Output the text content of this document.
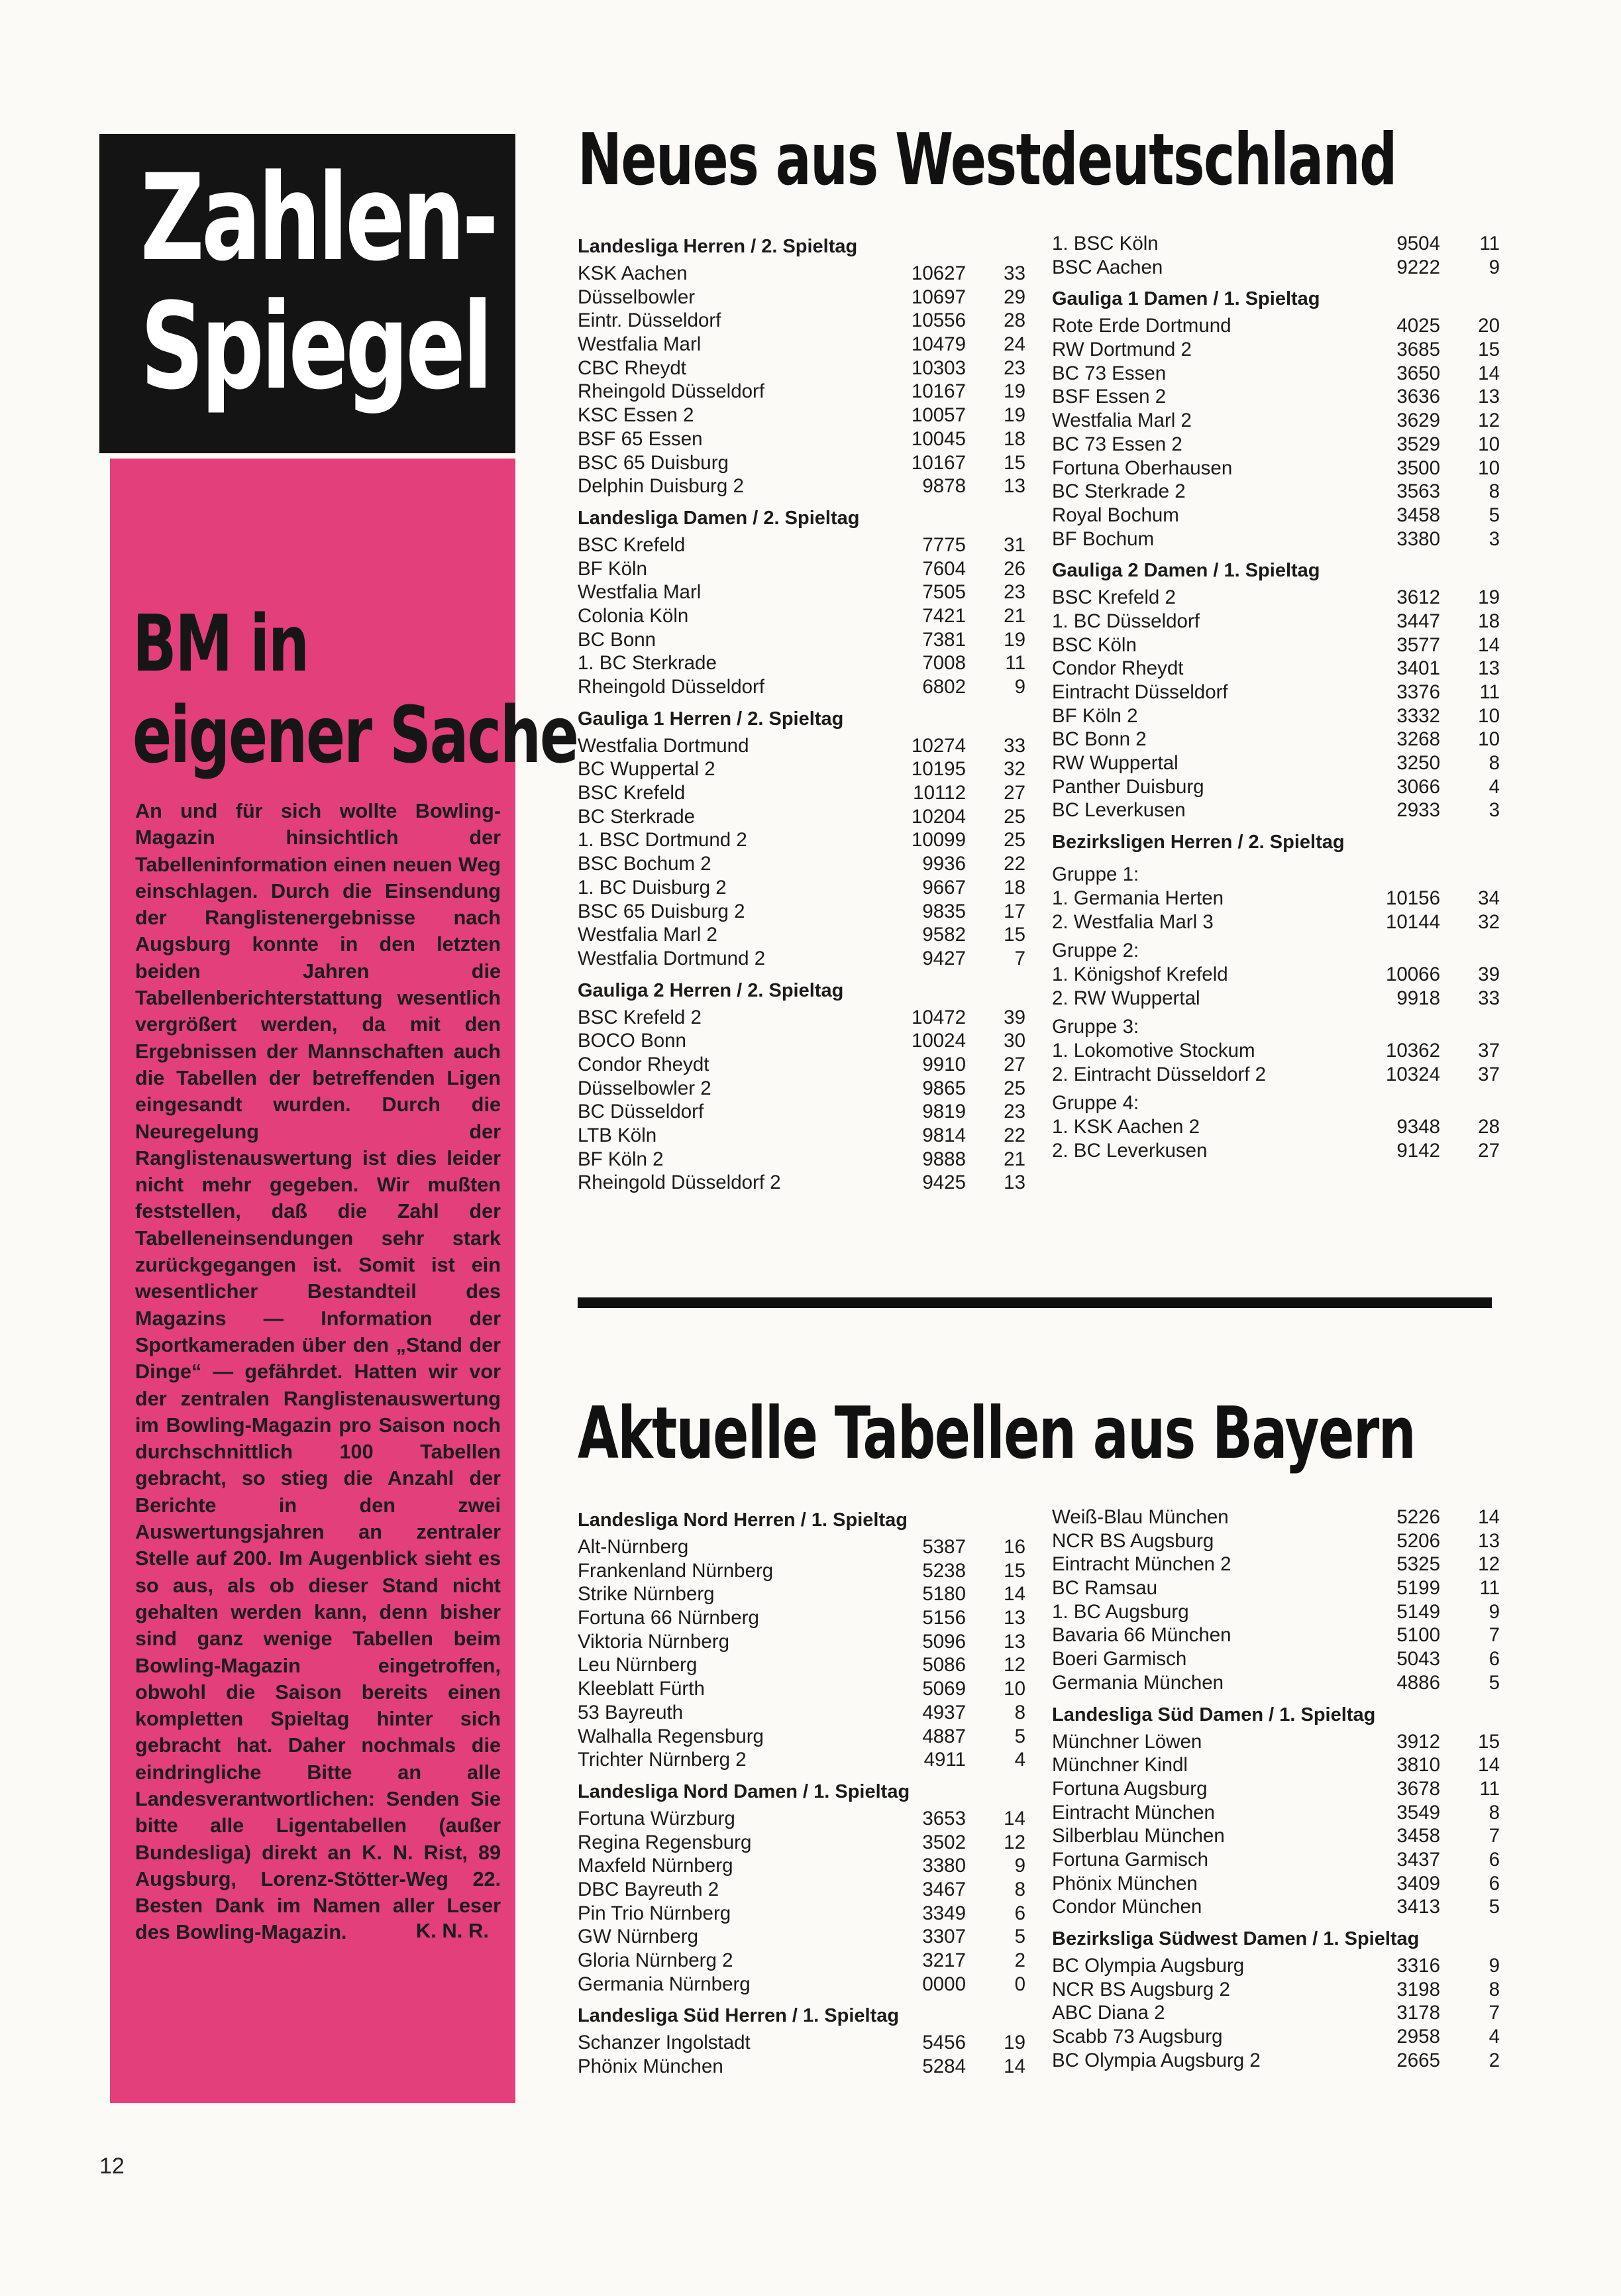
Zahlen-
Spiegel
BM in
eigener Sache
An und für sich wollte Bowling-Magazin hinsichtlich der Tabelleninformation einen neuen Weg einschlagen. Durch die Einsendung der Ranglistenergebnisse nach Augsburg konnte in den letzten beiden Jahren die Tabellenberichterstattung wesentlich vergrößert werden, da mit den Ergebnissen der Mannschaften auch die Tabellen der betreffenden Ligen eingesandt wurden. Durch die Neuregelung der Ranglistenauswertung ist dies leider nicht mehr gegeben. Wir mußten feststellen, daß die Zahl der Tabelleneinsendungen sehr stark zurückgegangen ist. Somit ist ein wesentlicher Bestandteil des Magazins — Information der Sportkameraden über den „Stand der Dinge“ — gefährdet. Hatten wir vor der zentralen Ranglistenauswertung im Bowling-Magazin pro Saison noch durchschnittlich 100 Tabellen gebracht, so stieg die Anzahl der Berichte in den zwei Auswertungsjahren an zentraler Stelle auf 200. Im Augenblick sieht es so aus, als ob dieser Stand nicht gehalten werden kann, denn bisher sind ganz wenige Tabellen beim Bowling-Magazin eingetroffen, obwohl die Saison bereits einen kompletten Spieltag hinter sich gebracht hat. Daher nochmals die eindringliche Bitte an alle Landesverantwortlichen: Senden Sie bitte alle Ligentabellen (außer Bundesliga) direkt an K. N. Rist, 89 Augsburg, Lorenz-Stötter-Weg 22. Besten Dank im Namen aller Leser des Bowling-Magazin.	K. N. R.
Neues aus Westdeutschland
Landesliga Herren / 2. Spieltag
KSK Aachen	10627 33
Düsselbowler	10697 29
Eintr. Düsseldorf	10556 28
Westfalia Marl	10479 24
CBC Rheydt	10303 23
Rheingold Düsseldorf	10167 19
KSC Essen 2	10057 19
BSF 65 Essen	10045 18
BSC 65 Duisburg	10167 15
Delphin Duisburg 2	9878 13
Landesliga Damen / 2. Spieltag
BSC Krefeld	7775 31
BF Köln	7604 26
Westfalia Marl	7505 23
Colonia Köln	7421 21
BC Bonn	7381 19
1. BC Sterkrade	7008 11
Rheingold Düsseldorf	6802 9
Gauliga 1 Herren / 2. Spieltag
Westfalia Dortmund	10274 33
BC Wuppertal 2	10195 32
BSC Krefeld	10112 27
BC Sterkrade	10204 25
1. BSC Dortmund 2	10099 25
BSC Bochum 2	9936 22
1. BC Duisburg 2	9667 18
BSC 65 Duisburg 2	9835 17
Westfalia Marl 2	9582 15
Westfalia Dortmund 2	9427 7
Gauliga 2 Herren / 2. Spieltag
BSC Krefeld 2	10472 39
BOCO Bonn	10024 30
Condor Rheydt	9910 27
Düsselbowler 2	9865 25
BC Düsseldorf	9819 23
LTB Köln	9814 22
BF Köln 2	9888 21
Rheingold Düsseldorf 2	9425 13
1. BSC Köln	9504 11
BSC Aachen	9222 9
Gauliga 1 Damen / 1. Spieltag
Rote Erde Dortmund	4025 20
RW Dortmund 2	3685 15
BC 73 Essen	3650 14
BSF Essen 2	3636 13
Westfalia Marl 2	3629 12
BC 73 Essen 2	3529 10
Fortuna Oberhausen	3500 10
BC Sterkrade 2	3563 8
Royal Bochum	3458 5
BF Bochum	3380 3
Gauliga 2 Damen / 1. Spieltag
BSC Krefeld 2	3612 19
1. BC Düsseldorf	3447 18
BSC Köln	3577 14
Condor Rheydt	3401 13
Eintracht Düsseldorf	3376 11
BF Köln 2	3332 10
BC Bonn 2	3268 10
RW Wuppertal	3250 8
Panther Duisburg	3066 4
BC Leverkusen	2933 3
Bezirksligen Herren / 2. Spieltag
Gruppe 1:
1. Germania Herten	10156 34
2. Westfalia Marl 3	10144 32
Gruppe 2:
1. Königshof Krefeld	10066 39
2. RW Wuppertal	9918 33
Gruppe 3:
1. Lokomotive Stockum	10362 37
2. Eintracht Düsseldorf 2	10324 37
Gruppe 4:
1. KSK Aachen 2	9348 28
2. BC Leverkusen	9142 27
Aktuelle Tabellen aus Bayern
Landesliga Nord Herren / 1. Spieltag
Alt-Nürnberg	5387 16
Frankenland Nürnberg	5238 15
Strike Nürnberg	5180 14
Fortuna 66 Nürnberg	5156 13
Viktoria Nürnberg	5096 13
Leu Nürnberg	5086 12
Kleeblatt Fürth	5069 10
53 Bayreuth	4937 8
Walhalla Regensburg	4887 5
Trichter Nürnberg 2	4911 4
Landesliga Nord Damen / 1. Spieltag
Fortuna Würzburg	3653 14
Regina Regensburg	3502 12
Maxfeld Nürnberg	3380 9
DBC Bayreuth 2	3467 8
Pin Trio Nürnberg	3349 6
GW Nürnberg	3307 5
Gloria Nürnberg 2	3217 2
Germania Nürnberg	0000 0
Landesliga Süd Herren / 1. Spieltag
Schanzer Ingolstadt	5456 19
Phönix München	5284 14
Weiß-Blau München	5226 14
NCR BS Augsburg	5206 13
Eintracht München 2	5325 12
BC Ramsau	5199 11
1. BC Augsburg	5149 9
Bavaria 66 München	5100 7
Boeri Garmisch	5043 6
Germania München	4886 5
Landesliga Süd Damen / 1. Spieltag
Münchner Löwen	3912 15
Münchner Kindl	3810 14
Fortuna Augsburg	3678 11
Eintracht München	3549 8
Silberblau München	3458 7
Fortuna Garmisch	3437 6
Phönix München	3409 6
Condor München	3413 5
Bezirksliga Südwest Damen / 1. Spieltag
BC Olympia Augsburg	3316 9
NCR BS Augsburg 2	3198 8
ABC Diana 2	3178 7
Scabb 73 Augsburg	2958 4
BC Olympia Augsburg 2	2665 2
12
